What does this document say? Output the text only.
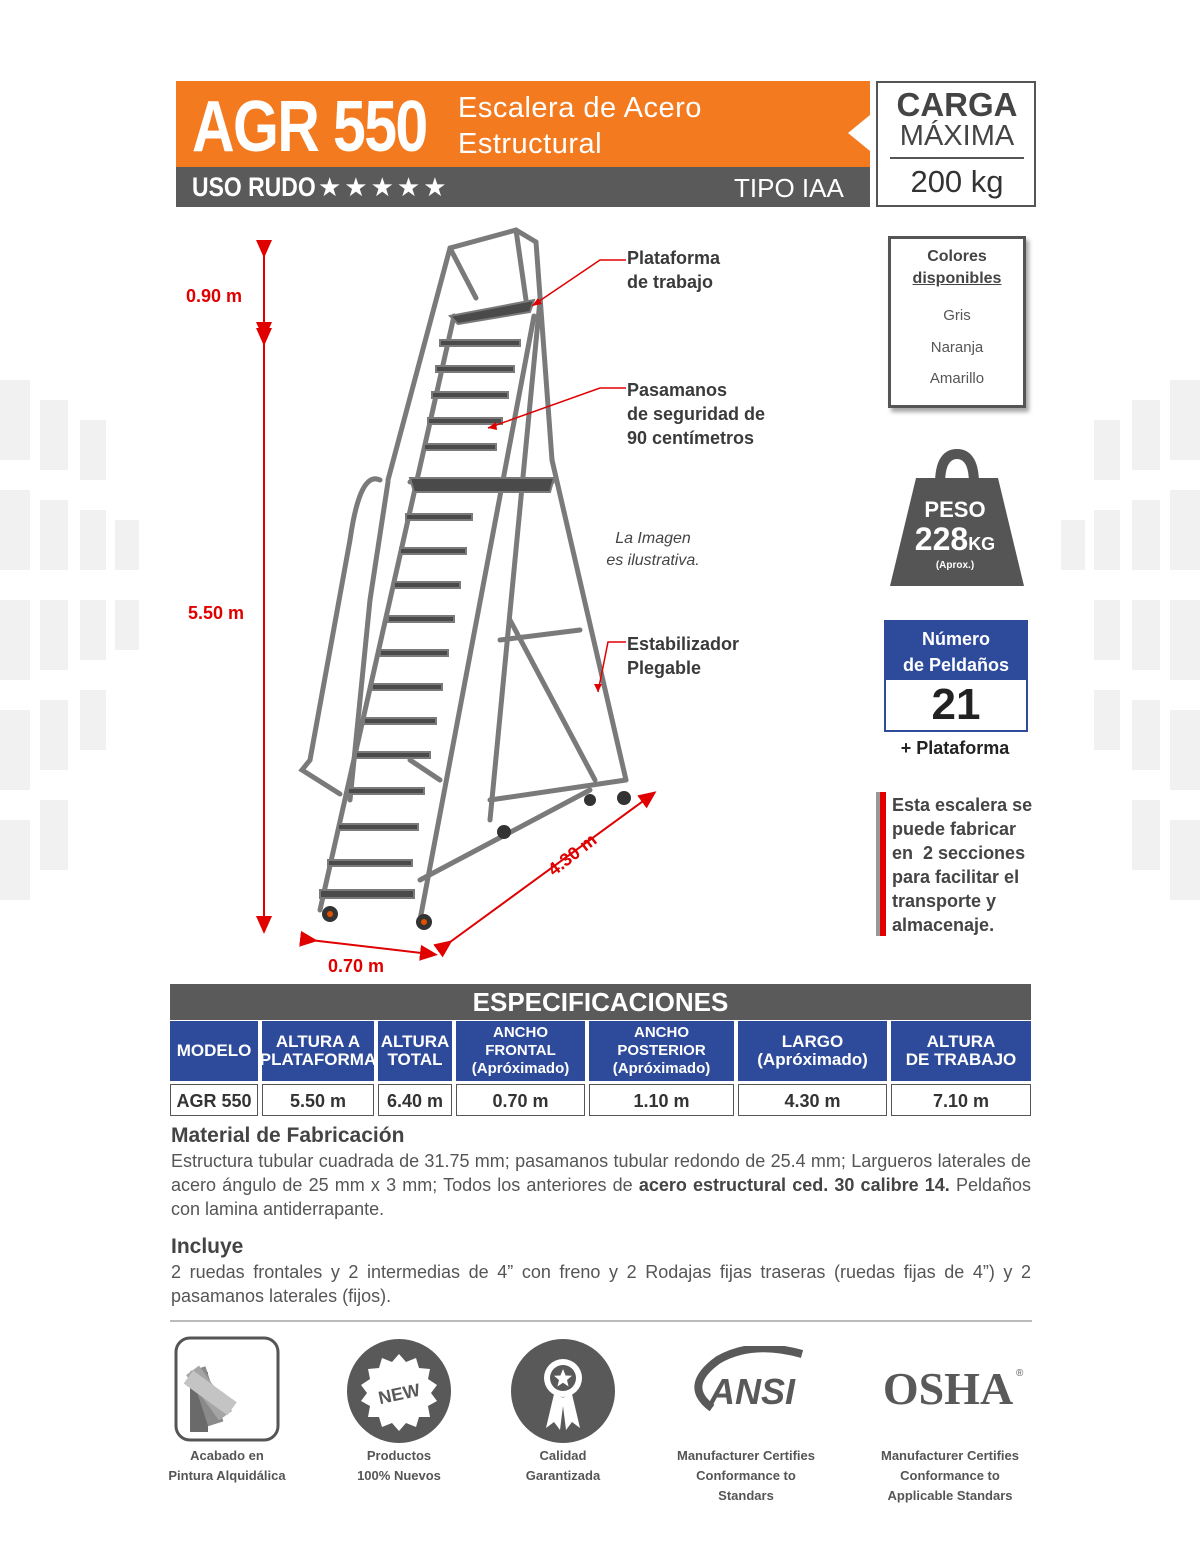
AGR 550 Escalera de Acero
Estructural
USO RUDO ★★★★★	TIPO IAA
CARGA
MÁXIMA
200 kg
0.90 m
5.50 m
0.70 m
4.30 m
Plataforma
de trabajo
Pasamanos
de seguridad de
90 centímetros
La Imagen
es ilustrativa.
Estabilizador
Plegable
Colores
disponibles
Gris
Naranja
Amarillo
PESO
228KG
(Aprox.)
Número
de Peldaños
21
+ Plataforma
Esta escalera se
puede fabricar
en  2 secciones
para facilitar el
transporte y
almacenaje.
ESPECIFICACIONES
MODELO
AGR 550
ALTURA A
PLATAFORMA
5.50 m
ALTURA
TOTAL
6.40 m
ANCHO
FRONTAL
(Apróximado)
0.70 m
ANCHO
POSTERIOR
(Apróximado)
1.10 m
LARGO
(Apróximado)
4.30 m
ALTURA
DE TRABAJO
7.10 m
Material de Fabricación
Estructura tubular cuadrada de 31.75 mm; pasamanos tubular redondo de 25.4 mm; Largueros laterales de acero ángulo de 25 mm x 3 mm; Todos los anteriores de acero estructural ced. 30 calibre 14. Peldaños con lamina antiderrapante.
Incluye
2 ruedas frontales y 2 intermedias de 4” con freno y 2 Rodajas fijas traseras (ruedas fijas de 4”) y 2 pasamanos laterales (fijos).
NEW	ANSI OSHA ®
Acabado en
Pintura Alquidálica
Productos
100% Nuevos
Calidad
Garantizada
Manufacturer Certifies
Conformance to
Standars
Manufacturer Certifies
Conformance to
Applicable Standars
